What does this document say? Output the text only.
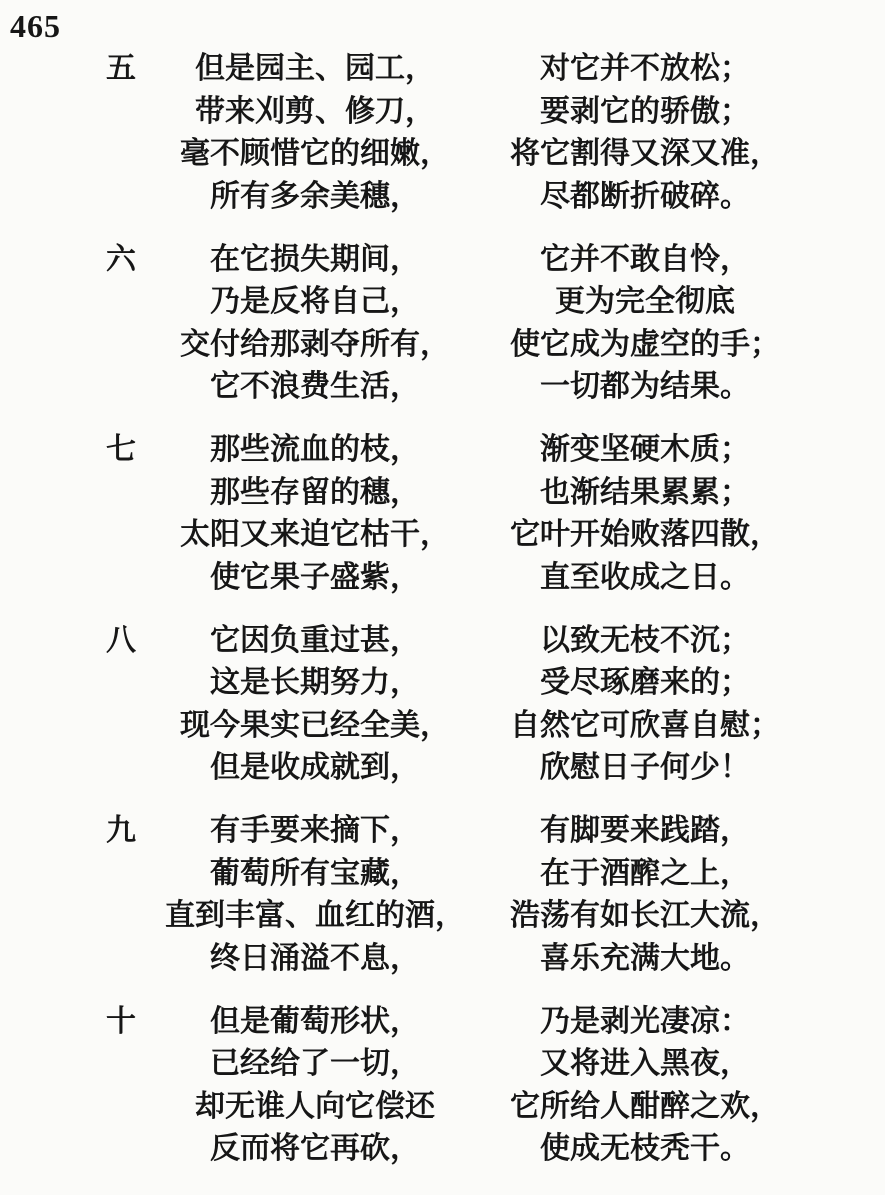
465
五	但是园主、园工，	对它并不放松；
带来刈剪、修刀，	要剥它的骄傲；
毫不顾惜它的细嫩，	将它割得又深又准，
所有多余美穗，	尽都断折破碎。
六	在它损失期间，	它并不敢自怜，
乃是反将自己，	更为完全彻底
交付给那剥夺所有，	使它成为虚空的手；
它不浪费生活，	一切都为结果。
七	那些流血的枝，	渐变坚硬木质；
那些存留的穗，	也渐结果累累；
太阳又来迫它枯干，	它叶开始败落四散，
使它果子盛紫，	直至收成之日。
八	它因负重过甚，	以致无枝不沉；
这是长期努力，	受尽琢磨来的；
现今果实已经全美，	自然它可欣喜自慰；
但是收成就到，	欣慰日子何少！
九	有手要来摘下，	有脚要来践踏，
葡萄所有宝藏，	在于酒醡之上，
直到丰富、血红的酒，	浩荡有如长江大流，
终日涌溢不息，	喜乐充满大地。
十	但是葡萄形状，	乃是剥光凄凉：
已经给了一切，	又将进入黑夜，
却无谁人向它偿还	它所给人酣醉之欢，
反而将它再砍，	使成无枝秃干。
